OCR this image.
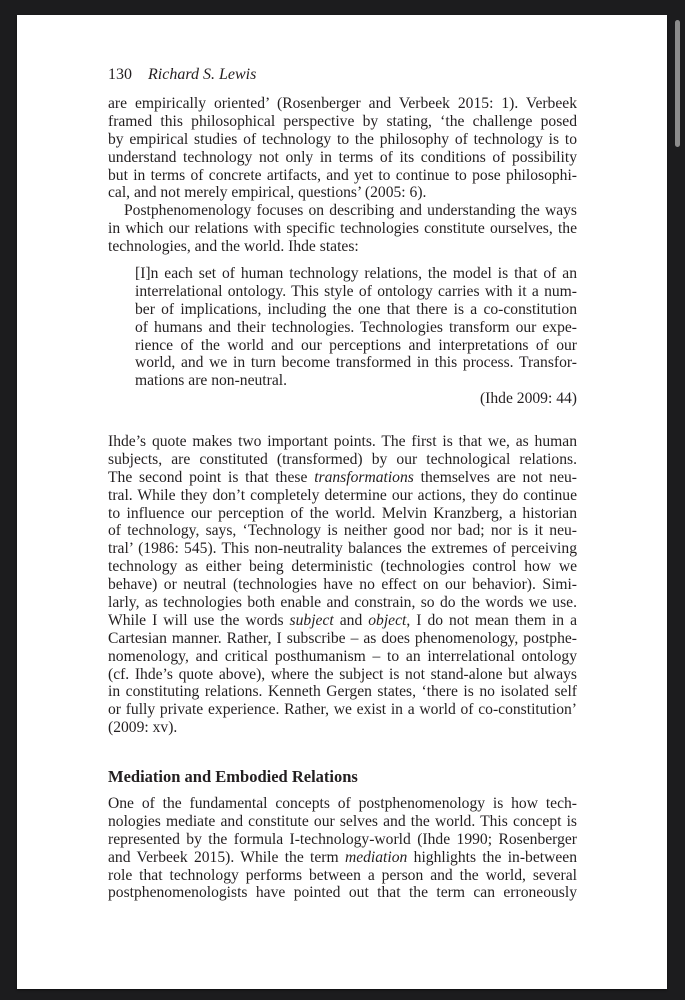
130 Richard S. Lewis
are empirically oriented’ (Rosenberger and Verbeek 2015: 1). Verbeek
framed this philosophical perspective by stating, ‘the challenge posed
by empirical studies of technology to the philosophy of technology is to
understand technology not only in terms of its conditions of possibility
but in terms of concrete artifacts, and yet to continue to pose philosophi-
cal, and not merely empirical, questions’ (2005: 6).
Postphenomenology focuses on describing and understanding the ways
in which our relations with specific technologies constitute ourselves, the
technologies, and the world. Ihde states:
[I]n each set of human technology relations, the model is that of an
interrelational ontology. This style of ontology carries with it a num-
ber of implications, including the one that there is a co-constitution
of humans and their technologies. Technologies transform our expe-
rience of the world and our perceptions and interpretations of our
world, and we in turn become transformed in this process. Transfor-
mations are non-neutral.
(Ihde 2009: 44)
Ihde’s quote makes two important points. The first is that we, as human
subjects, are constituted (transformed) by our technological relations.
The second point is that these transformations themselves are not neu-
tral. While they don’t completely determine our actions, they do continue
to influence our perception of the world. Melvin Kranzberg, a historian
of technology, says, ‘Technology is neither good nor bad; nor is it neu-
tral’ (1986: 545). This non-neutrality balances the extremes of perceiving
technology as either being deterministic (technologies control how we
behave) or neutral (technologies have no effect on our behavior). Simi-
larly, as technologies both enable and constrain, so do the words we use.
While I will use the words subject and object, I do not mean them in a
Cartesian manner. Rather, I subscribe – as does phenomenology, postphe-
nomenology, and critical posthumanism – to an interrelational ontology
(cf. Ihde’s quote above), where the subject is not stand-alone but always
in constituting relations. Kenneth Gergen states, ‘there is no isolated self
or fully private experience. Rather, we exist in a world of co-constitution’
(2009: xv).
Mediation and Embodied Relations
One of the fundamental concepts of postphenomenology is how tech-
nologies mediate and constitute our selves and the world. This concept is
represented by the formula I-technology-world (Ihde 1990; Rosenberger
and Verbeek 2015). While the term mediation highlights the in-between
role that technology performs between a person and the world, several
postphenomenologists have pointed out that the term can erroneously
